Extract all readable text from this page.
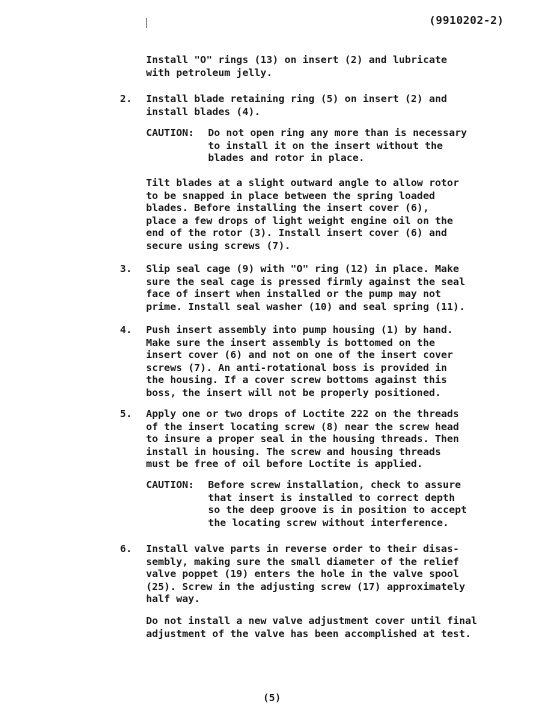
(9910202-2)
Install "O" rings (13) on insert (2) and lubricate
with petroleum jelly.
2. Install blade retaining ring (5) on insert (2) and
install blades (4).
CAUTION: Do not open ring any more than is necessary
to install it on the insert without the
blades and rotor in place.
Tilt blades at a slight outward angle to allow rotor
to be snapped in place between the spring loaded
blades. Before installing the insert cover (6),
place a few drops of light weight engine oil on the
end of the rotor (3). Install insert cover (6) and
secure using screws (7).
3. Slip seal cage (9) with "O" ring (12) in place. Make
sure the seal cage is pressed firmly against the seal
face of insert when installed or the pump may not
prime. Install seal washer (10) and seal spring (11).
4. Push insert assembly into pump housing (1) by hand.
Make sure the insert assembly is bottomed on the
insert cover (6) and not on one of the insert cover
screws (7). An anti-rotational boss is provided in
the housing. If a cover screw bottoms against this
boss, the insert will not be properly positioned.
5. Apply one or two drops of Loctite 222 on the threads
of the insert locating screw (8) near the screw head
to insure a proper seal in the housing threads. Then
install in housing. The screw and housing threads
must be free of oil before Loctite is applied.
CAUTION: Before screw installation, check to assure
that insert is installed to correct depth
so the deep groove is in position to accept
the locating screw without interference.
6. Install valve parts in reverse order to their disas-
sembly, making sure the small diameter of the relief
valve poppet (19) enters the hole in the valve spool
(25). Screw in the adjusting screw (17) approximately
half way.
Do not install a new valve adjustment cover until final
adjustment of the valve has been accomplished at test.
(5)
